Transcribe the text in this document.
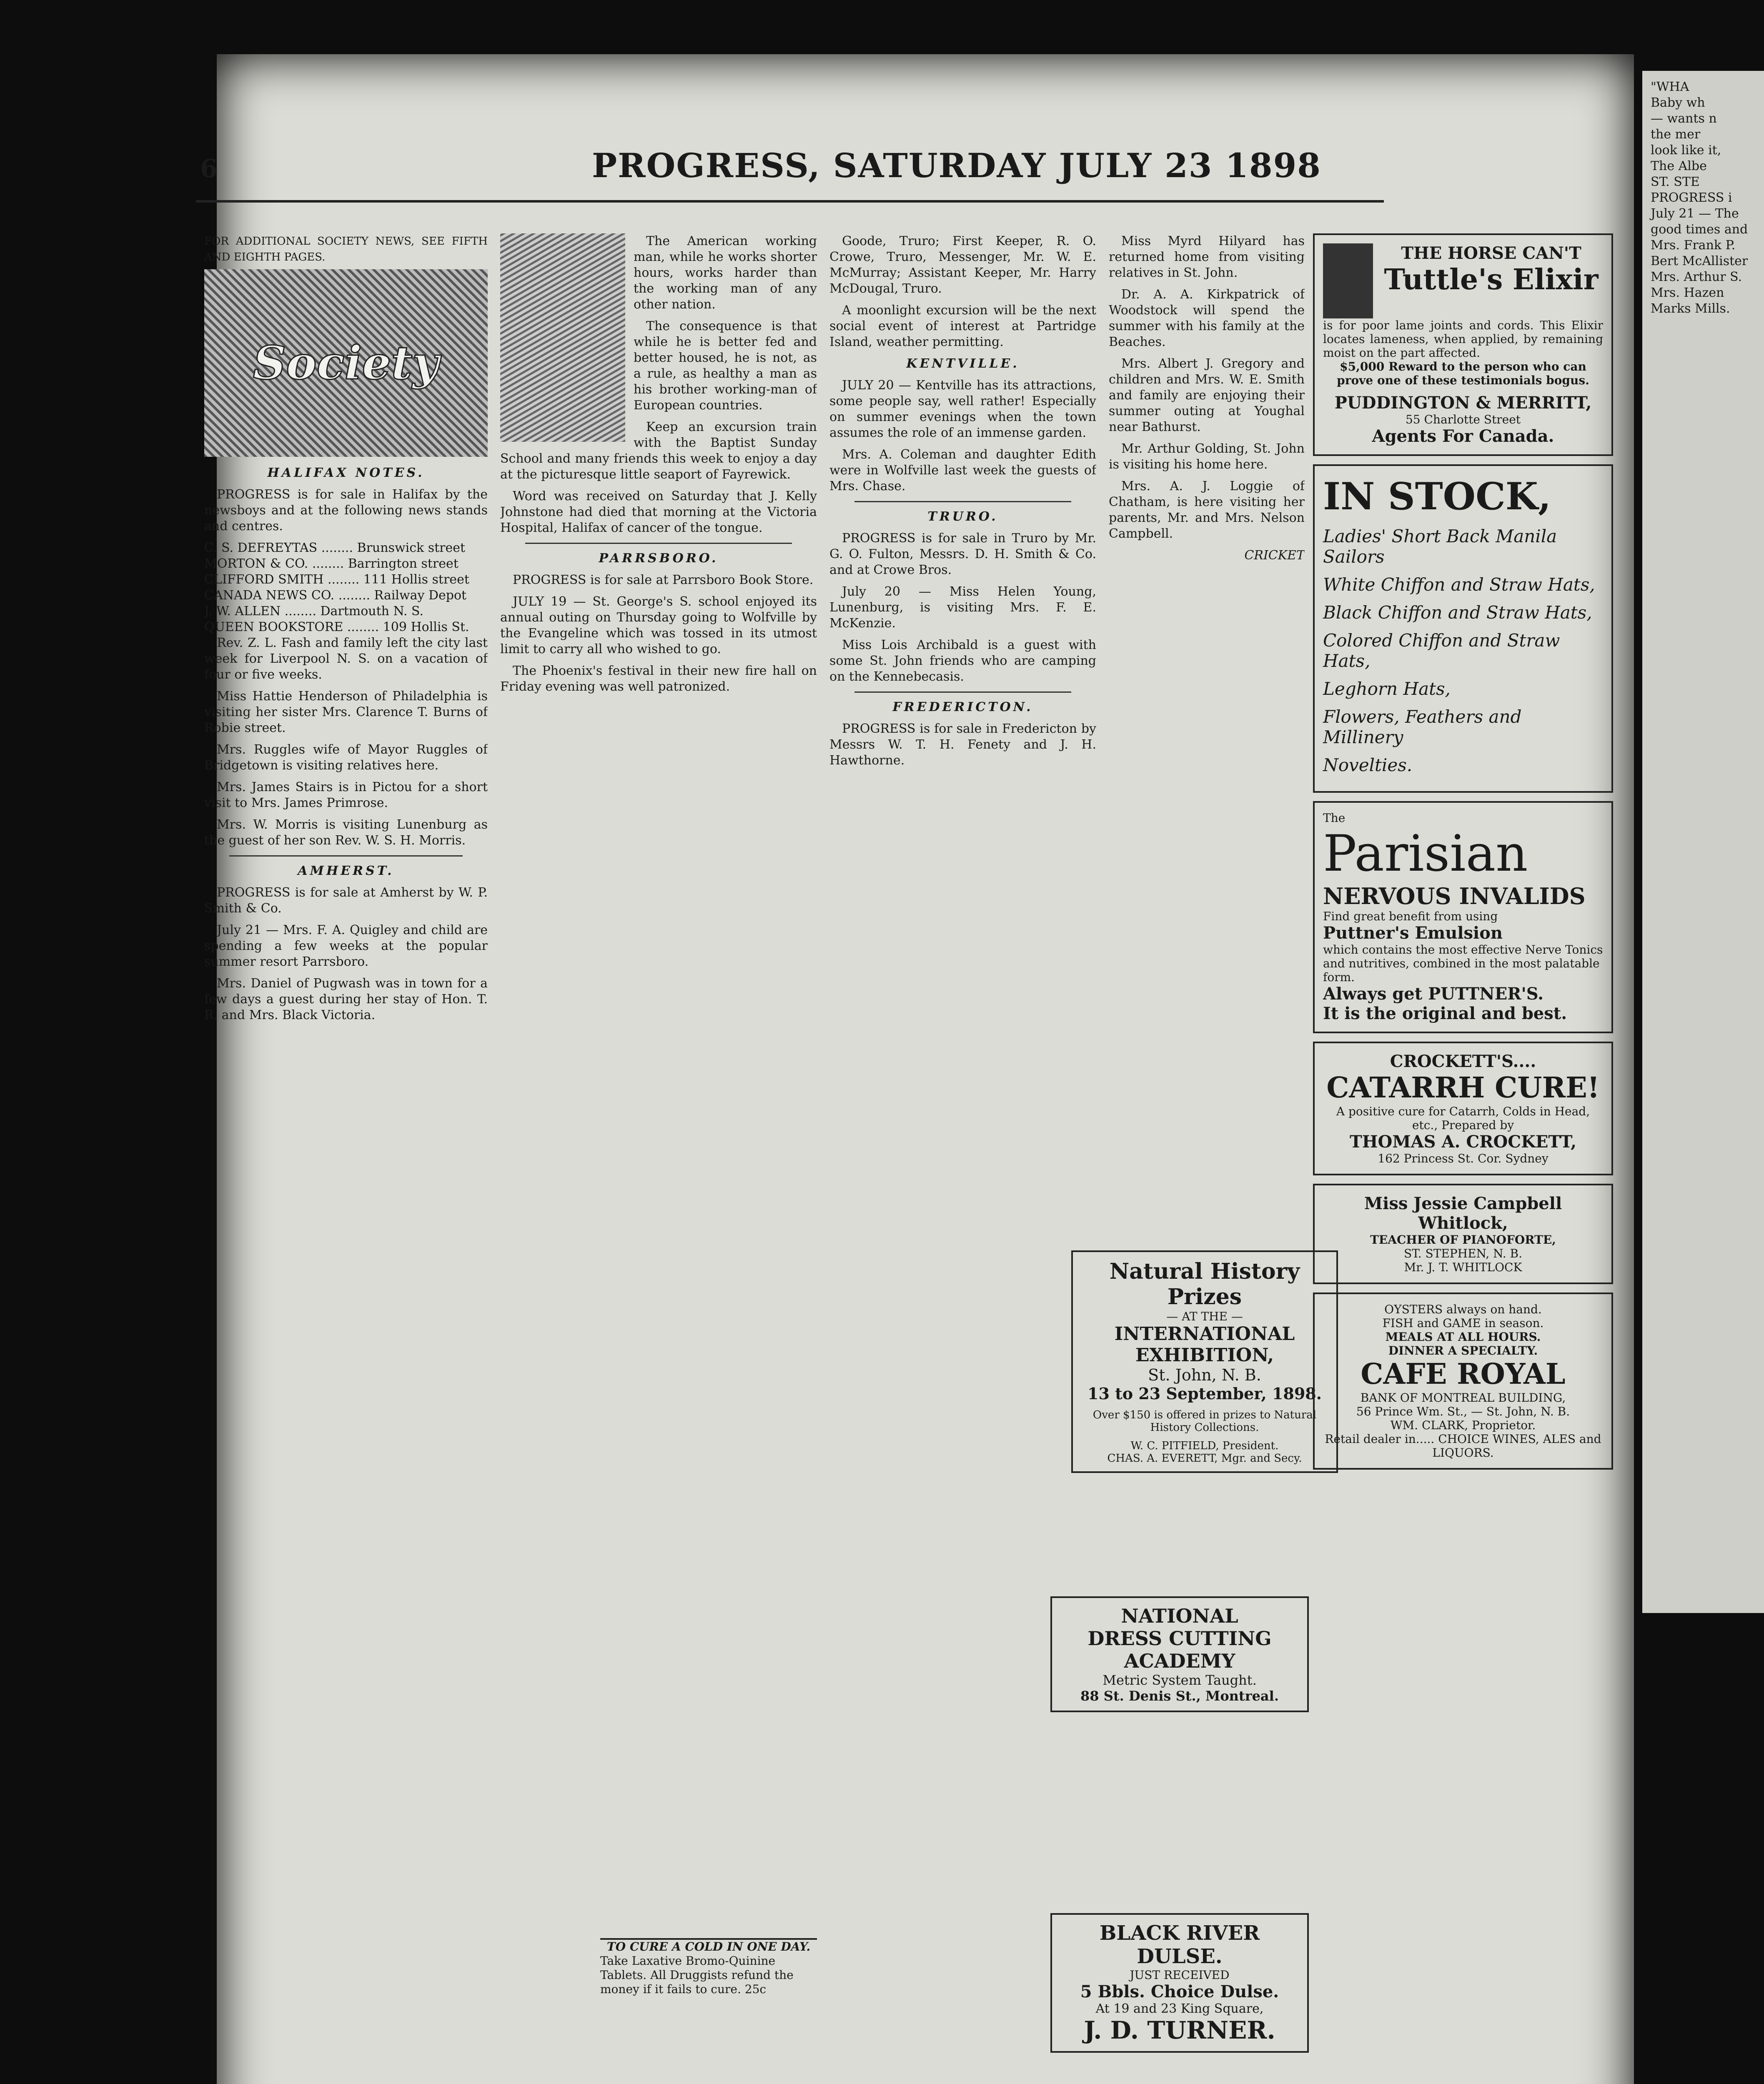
"WHA
Baby wh
— wants n
the mer
look like it,
The Albe
ST. STE
PROGRESS i
July 21 — The
good times and
Mrs. Frank P.
Bert McAllister
Mrs. Arthur S.
Mrs. Hazen
Marks Mills.
6	PROGRESS, SATURDAY JULY 23 1898
FOR ADDITIONAL SOCIETY NEWS, SEE FIFTH AND EIGHTH PAGES.
Society
HALIFAX NOTES.

PROGRESS is for sale in Halifax by the newsboys and at the following news stands and centres.

C. S. DEFREYTAS ........ Brunswick street
MORTON & CO. ........ Barrington street
CLIFFORD SMITH ........ 111 Hollis street
CANADA NEWS CO. ........ Railway Depot
J. W. ALLEN ........ Dartmouth N. S.
QUEEN BOOKSTORE ........ 109 Hollis St.

Rev. Z. L. Fash and family left the city last week for Liverpool N. S. on a vacation of four or five weeks.

Miss Hattie Henderson of Philadelphia is visiting her sister Mrs. Clarence T. Burns of Robie street.

Mrs. Ruggles wife of Mayor Ruggles of Bridgetown is visiting relatives here.

Mrs. James Stairs is in Pictou for a short visit to Mrs. James Primrose.

Mrs. W. Morris is visiting Lunenburg as the guest of her son Rev. W. S. H. Morris.

AMHERST.

PROGRESS is for sale at Amherst by W. P. Smith & Co.

July 21 — Mrs. F. A. Quigley and child are spending a few weeks at the popular summer resort Parrsboro.

Mrs. Daniel of Pugwash was in town for a few days a guest during her stay of Hon. T. R. and Mrs. Black Victoria.

The American working man, while he works shorter hours, works harder than the working man of any other nation.

The consequence is that while he is better fed and better housed, he is not, as a rule, as healthy a man as his brother working-man of European countries.

Keep an excursion train with the Baptist Sunday School and many friends this week to enjoy a day at the picturesque little seaport of Fayrewick.

Word was received on Saturday that J. Kelly Johnstone had died that morning at the Victoria Hospital, Halifax of cancer of the tongue.

PARRSBORO.

PROGRESS is for sale at Parrsboro Book Store.

JULY 19 — St. George's S. school enjoyed its annual outing on Thursday going to Wolfville by the Evangeline which was tossed in its utmost limit to carry all who wished to go.

The Phoenix's festival in their new fire hall on Friday evening was well patronized.

TO CURE A COLD IN ONE DAY.
Take Laxative Bromo-Quinine Tablets. All Druggists refund the money if it fails to cure. 25c

Goode, Truro; First Keeper, R. O. Crowe, Truro, Messenger, Mr. W. E. McMurray; Assistant Keeper, Mr. Harry McDougal, Truro.

A moonlight excursion will be the next social event of interest at Partridge Island, weather permitting.

KENTVILLE.

JULY 20 — Kentville has its attractions, some people say, well rather! Especially on summer evenings when the town assumes the role of an immense garden.

Mrs. A. Coleman and daughter Edith were in Wolfville last week the guests of Mrs. Chase.

TRURO.

PROGRESS is for sale in Truro by Mr. G. O. Fulton, Messrs. D. H. Smith & Co. and at Crowe Bros.

July 20 — Miss Helen Young, Lunenburg, is visiting Mrs. F. E. McKenzie.

Miss Lois Archibald is a guest with some St. John friends who are camping on the Kennebecasis.

FREDERICTON.

PROGRESS is for sale in Fredericton by Messrs W. T. H. Fenety and J. H. Hawthorne.

Miss Myrd Hilyard has returned home from visiting relatives in St. John.

Dr. A. A. Kirkpatrick of Woodstock will spend the summer with his family at the Beaches.

Mrs. Albert J. Gregory and children and Mrs. W. E. Smith and family are enjoying their summer outing at Youghal near Bathurst.

Mr. Arthur Golding, St. John is visiting his home here.

Mrs. A. J. Loggie of Chatham, is here visiting her parents, Mr. and Mrs. Nelson Campbell.

CRICKET
Natural History Prizes
— AT THE —
INTERNATIONAL EXHIBITION,
St. John, N. B.
13 to 23 September, 1898.
Over $150 is offered in prizes to Natural History Collections.
W. C. PITFIELD, President.
CHAS. A. EVERETT, Mgr. and Secy.
NATIONAL
DRESS CUTTING
ACADEMY
Metric System Taught.
88 St. Denis St., Montreal.
BLACK RIVER DULSE.
JUST RECEIVED
5 Bbls. Choice Dulse.
At 19 and 23 King Square,
J. D. TURNER.
THE HORSE CAN'T
Tuttle's Elixir
is for poor lame joints and cords. This Elixir locates lameness, when applied, by remaining moist on the part affected.
$5,000 Reward to the person who can prove one of these testimonials bogus.
PUDDINGTON & MERRITT,
55 Charlotte Street
Agents For Canada.
IN STOCK,
Ladies' Short Back Manila Sailors
White Chiffon and Straw Hats,
Black Chiffon and Straw Hats,
Colored Chiffon and Straw Hats,
Leghorn Hats,
Flowers, Feathers and Millinery
Novelties.
The
Parisian
NERVOUS INVALIDS
Find great benefit from using
Puttner's Emulsion
which contains the most effective Nerve Tonics and nutritives, combined in the most palatable form.
Always get PUTTNER'S.
It is the original and best.
CROCKETT'S....
CATARRH CURE!
A positive cure for Catarrh, Colds in Head, etc., Prepared by
THOMAS A. CROCKETT,
162 Princess St. Cor. Sydney
Miss Jessie Campbell Whitlock,
TEACHER OF PIANOFORTE,
ST. STEPHEN, N. B.
Mr. J. T. WHITLOCK
OYSTERS always on hand.
FISH and GAME in season.
MEALS AT ALL HOURS.
DINNER A SPECIALTY.
CAFE ROYAL
BANK OF MONTREAL BUILDING,
56 Prince Wm. St., — St. John, N. B.
WM. CLARK, Proprietor.
Retail dealer in..... CHOICE WINES, ALES and LIQUORS.
